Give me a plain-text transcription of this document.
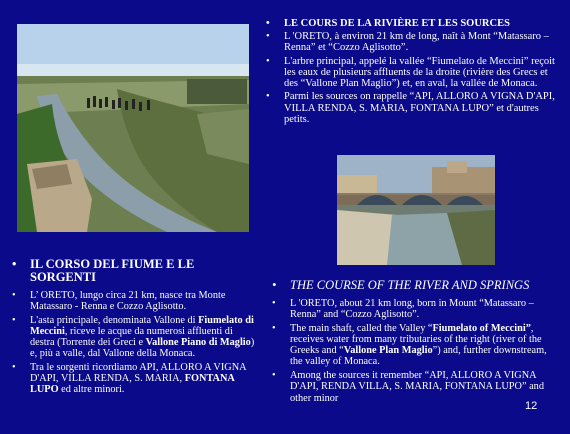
• LE COURS DE LA RIVIÈRE ET LES SOURCES
• L 'ORETO, à environ 21 km de long, naît à Mont “Matassaro – Renna” et “Cozzo Aglisotto”.
• L'arbre principal, appelé la vallée “Fiumelato de Meccini” reçoit les eaux de plusieurs affluents de la droite (rivière des Grecs et des “Vallone Plan Maglio”) et, en aval, la vallée de Monaca.
• Parmi les sources on rappelle “API, ALLORO A VIGNA D'API, VILLA RENDA, S. MARIA, FONTANA LUPO” et d'autres petits.
• IL CORSO DEL FIUME E LE SORGENTI
• L’ ORETO, lungo circa 21 km, nasce tra Monte Matassaro - Renna e Cozzo Aglisotto.
• L'asta principale, denominata Vallone di Fiumelato di Meccini, riceve le acque da numerosi affluenti di destra (Torrente dei Greci e Vallone Piano di Maglio) e, più a valle, dal Vallone della Monaca.
• Tra le sorgenti ricordiamo API, ALLORO A VIGNA D'API, VILLA RENDA, S. MARIA, FONTANA LUPO ed altre minori.
• THE COURSE OF THE RIVER AND SPRINGS
• L 'ORETO, about 21 km long, born in Mount “Matassaro – Renna” and “Cozzo Aglisotto”.
• The main shaft, called the Valley “Fiumelato of Meccini”, receives water from many tributaries of the right (river of the Greeks and “Vallone Plan Maglio”) and, further downstream, the valley of Monaca.
• Among the sources it remember “API, ALLORO A VIGNA D'API, RENDA VILLA, S. MARIA, FONTANA LUPO” and other minor
12
